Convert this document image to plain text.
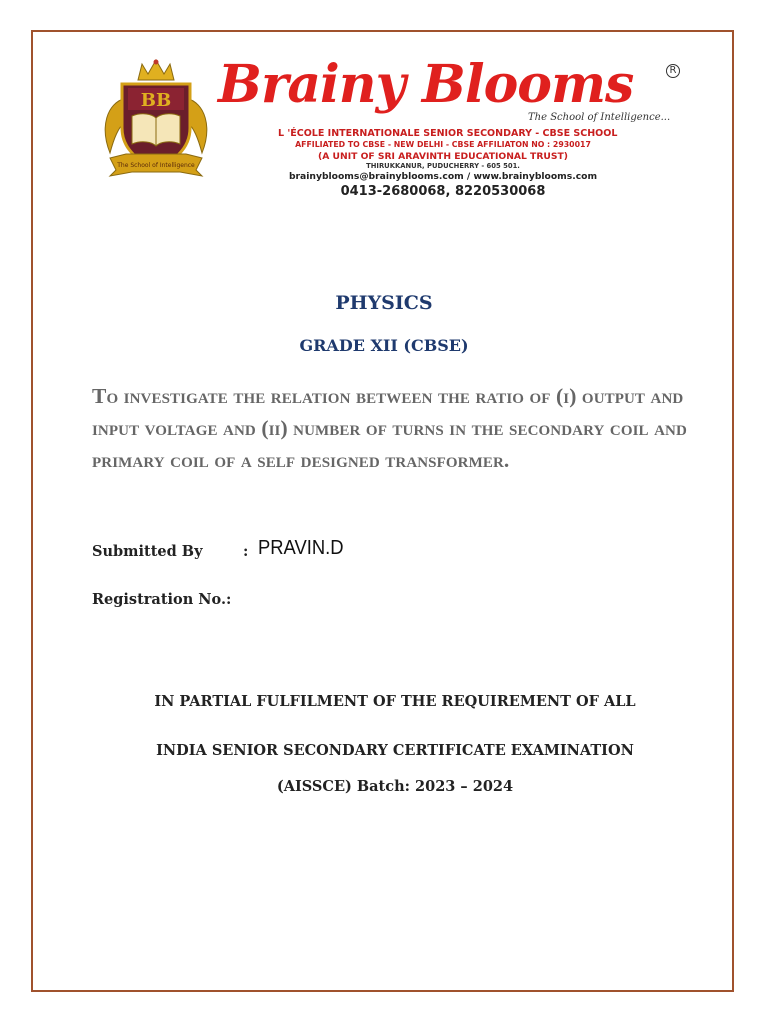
BB
The School of Intelligence
Brainy Blooms	R
The School of Intelligence...
L 'ÉCOLE INTERNATIONALE SENIOR SECONDARY - CBSE SCHOOL
AFFILIATED TO CBSE - NEW DELHI - CBSE AFFILIATON NO : 2930017
(A UNIT OF SRI ARAVINTH EDUCATIONAL TRUST)
THIRUKKANUR, PUDUCHERRY - 605 501.
brainyblooms@brainyblooms.com / www.brainyblooms.com
0413-2680068, 8220530068
PHYSICS
GRADE XII (CBSE)
To investigate the relation between the ratio of (i) output and input voltage and (ii) number of turns in the secondary coil and primary coil of a self designed transformer.
Submitted By	: PRAVIN.D
Registration No.:
IN PARTIAL FULFILMENT OF THE REQUIREMENT OF ALL
INDIA SENIOR SECONDARY CERTIFICATE EXAMINATION
(AISSCE) Batch: 2023 – 2024
